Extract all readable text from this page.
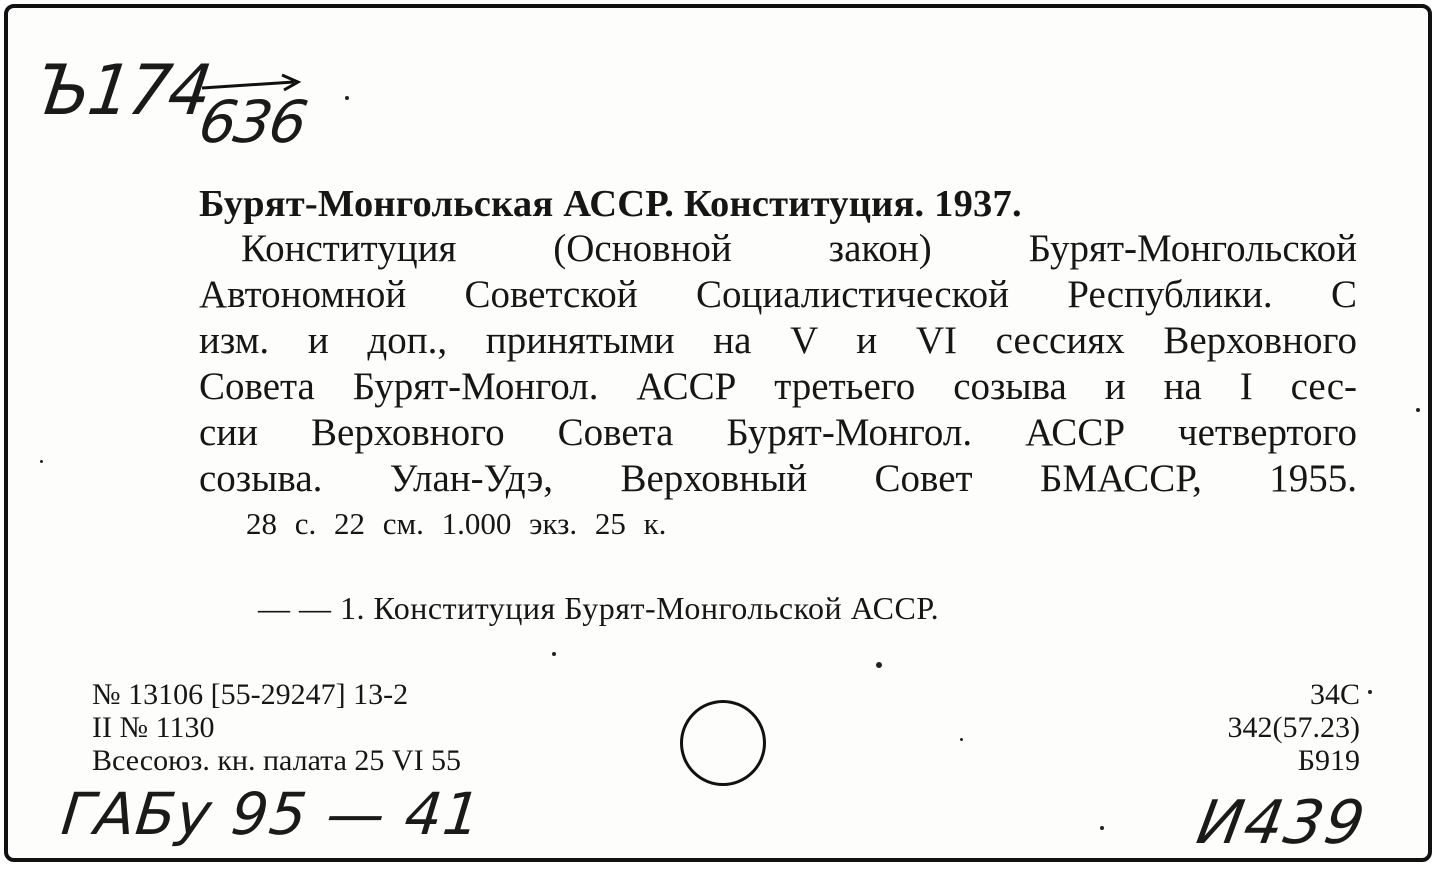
Ъ174
636
Бурят-Монгольская АССР. Конституция. 1937.
Конституция (Основной закон) Бурят-Монгольской
Автономной Советской Социалистической Республики. С
изм. и доп., принятыми на V и VI сессиях Верховного
Совета Бурят-Монгол. АССР третьего созыва и на I сес-
сии Верховного Совета Бурят-Монгол. АССР четвертого
созыва. Улан-Удэ, Верховный Совет БМАССР, 1955.
28 с. 22 см. 1.000 экз. 25 к.
— — 1. Конституция Бурят-Монгольской АССР.
№ 13106 [55-29247] 13-2
II № 1130
Всесоюз. кн. палата 25 VI 55
34С
342(57.23)
Б919
ГАБу 95 — 41	И439
